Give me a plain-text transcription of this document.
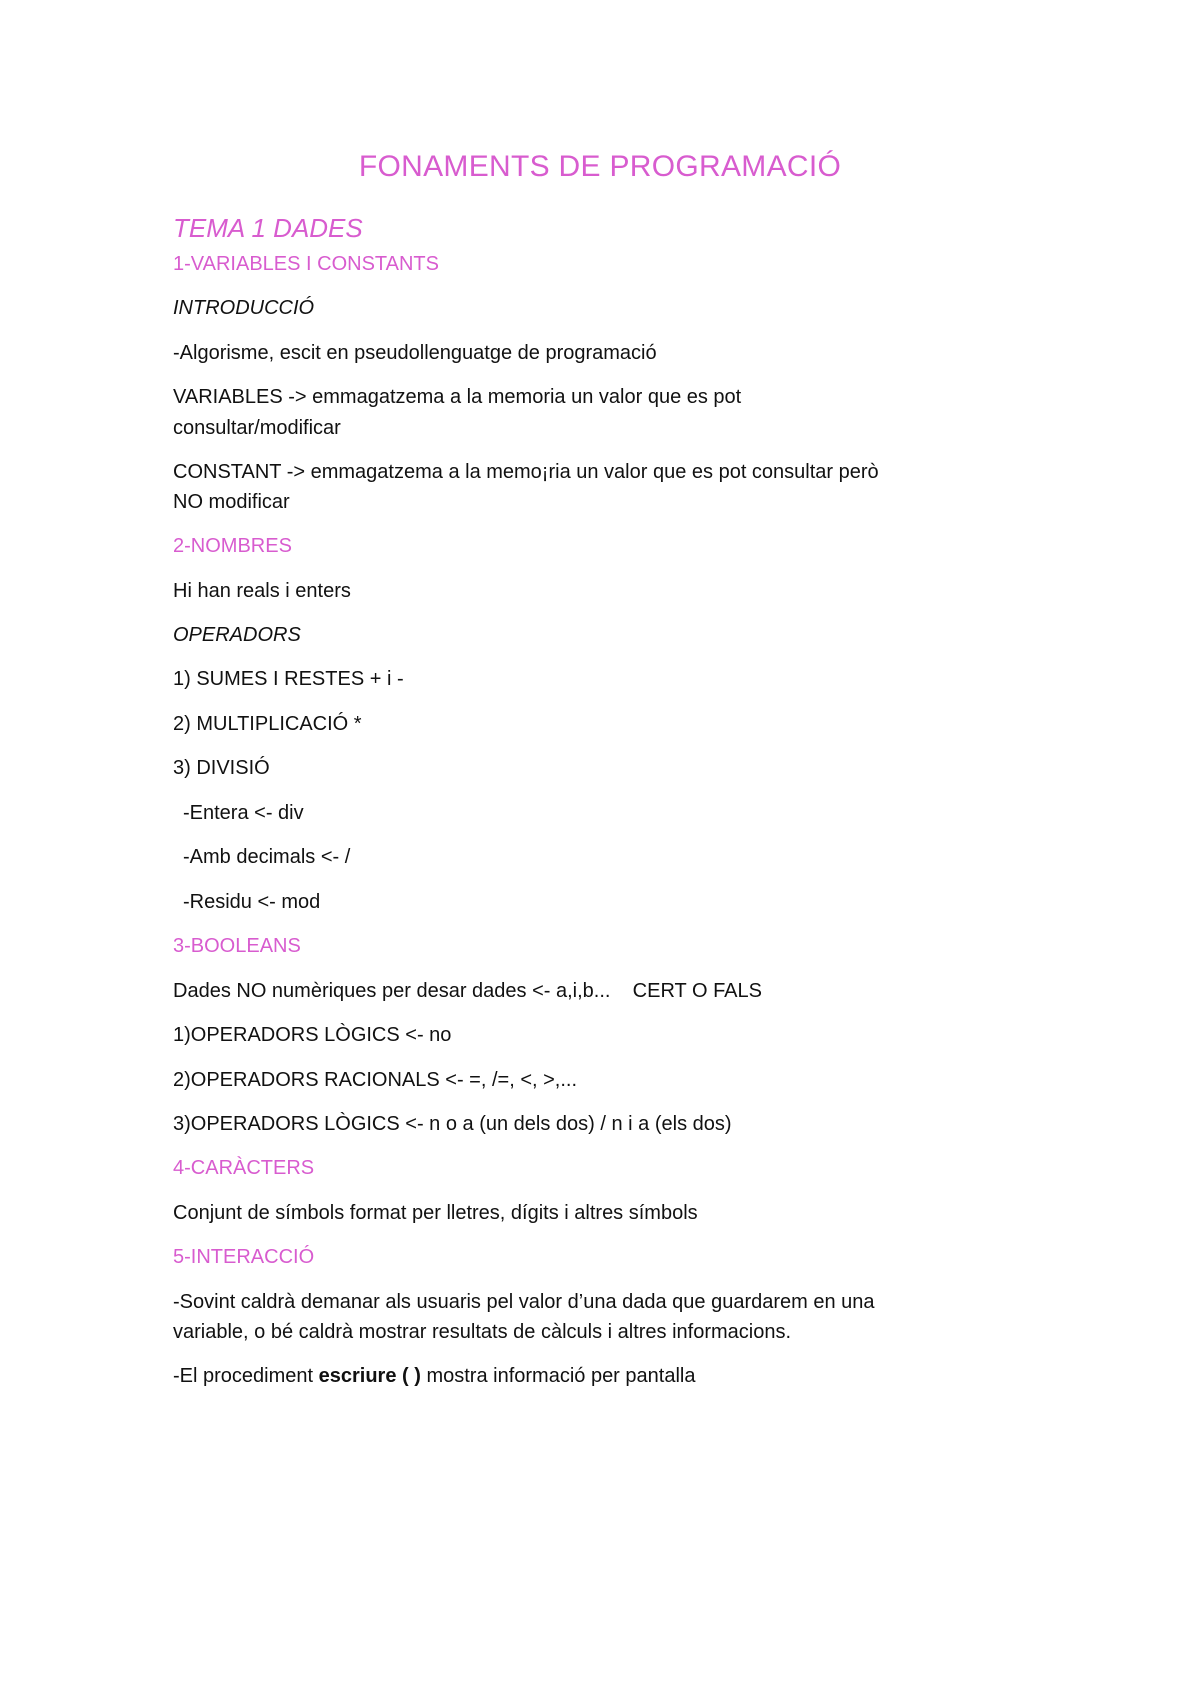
FONAMENTS DE PROGRAMACIÓ
TEMA 1 DADES
1-VARIABLES I CONSTANTS
INTRODUCCIÓ
-Algorisme, escit en pseudollenguatge de programació
VARIABLES -> emmagatzema a la memoria un valor que es pot
consultar/modificar
CONSTANT -> emmagatzema a la memo¡ria un valor que es pot consultar però
NO modificar
2-NOMBRES
Hi han reals i enters
OPERADORS
1) SUMES I RESTES + i -
2) MULTIPLICACIÓ *
3) DIVISIÓ
-Entera <- div
-Amb decimals <- /
-Residu <- mod
3-BOOLEANS
Dades NO numèriques per desar dades <- a,i,b...    CERT O FALS
1)OPERADORS LÒGICS <- no
2)OPERADORS RACIONALS <- =, /=, <, >,...
3)OPERADORS LÒGICS <- n o a (un dels dos) / n i a (els dos)
4-CARÀCTERS
Conjunt de símbols format per lletres, dígits i altres símbols
5-INTERACCIÓ
-Sovint caldrà demanar als usuaris pel valor d’una dada que guardarem en una
variable, o bé caldrà mostrar resultats de càlculs i altres informacions.
-El procediment escriure ( ) mostra informació per pantalla
